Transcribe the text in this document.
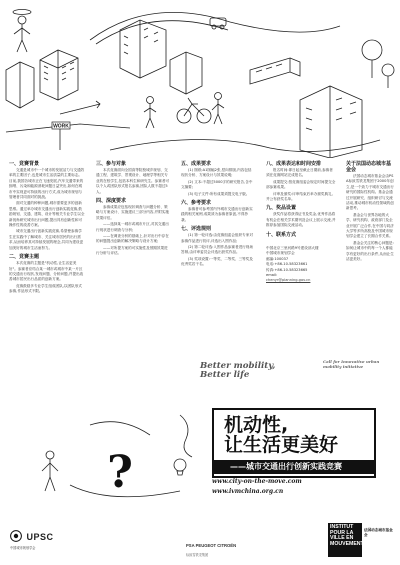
WORK
一、竞赛背景

交通是城市中一个城市的发展活力与交通效率的主要因子,也是城市生活质量的主要标志。目前,我国各城市正在飞速发展,汽车交通带来的拥堵、污染和能源消耗问题日益突出,如何在城市中实现更可持续的出行方式,成为城市规划与管理者共同面对的挑战。

面对交通的种种问题,城市需要更多的创新思维。通过举办城市交通出行创新实践竞赛,鼓励规划、交通、建筑、设计等相关专业学生以全新视角研究城市出行问题,提出具有创新性和可操作性的改善方案。

城市交通出行创新实践竞赛,希望使参赛学生在实践中了解城市、关注城市居民的出行需求,从而培养其可持续发展的理念,共同为建设更加美好的城市生活而努力。

二、竞赛主题

本次竞赛的主题是"机动性,让生活更美好"。参赛者应结合某一城市或城市中某一片区的交通出行现状,发现问题、分析问题,并提出改善城市居民出行品质的创新方案。

竞赛鼓励多专业学生组成团队,以团队形式参赛,作品形式不限。

三、参与对象

本次竞赛面向全国高等院校城乡规划、交通工程、建筑学、景观设计、地理学等相关专业的在校学生,包括本科生和研究生。参赛者可以个人或团队形式报名参赛,团队人数不超过5人。

四、深度要求

参赛成果应包括现状调查与问题分析、策略与方案设计、实施建议三部分内容,并附实施效果评估。

——选择某一城市或城市片区,对其交通出行现状进行调查与分析;

——在调查分析的基础上,针对出行中存在的问题提出创新的解决策略与设计方案;

——对所提方案的可实施性及预期效果进行分析与评估。

五、成果要求

(1) 图纸:A1图幅2张,竖向排版,内容包括现状分析、方案设计与效果说明;

(2) 文本:不超过5000字的研究报告,含中文摘要;

(3) 电子文件:所有成果须提交电子版。

六、参考要求

参赛者可参考国内外城市交通出行创新实践的相关案例,成果须为参赛者原创,不得抄袭。

七、评选规则

(1) 第一轮评选:由竞赛组委会组织专家对参赛作品进行初评,评选出入围作品;

(2) 第二轮评选:入围作品参赛者进行现场答辩,由评审委员会评选出获奖作品。

(3) 奖项设置:一等奖、二等奖、三等奖及优秀奖若干名。

八、成果表达和时间安排

报名时间:即日起至截止日期前,参赛者须在竞赛网站完成报名。

成果提交:按竞赛组委会规定时间提交全部参赛成果。

评审及颁奖:评审结束后举办颁奖典礼,并公布获奖名单。

九、奖品设置

获奖作品将获得证书及奖金,优秀作品将有机会在相关学术期刊及会议上展示交流,并推荐参加国际交流活动。

十、联系方式
中国北京三里河路9号建设部大楼
中国城市规划学会
邮编:100037
电话:+86-10-58323661
传真:+86-10-58323665
email:
chenyr@planning.gov.cn
关于法国动态城市基金会

法国动态城市基金会由PSA标致雪铁龙集团于2000年创立,是一个致力于城市交通出行研究的国际性机构。基金会通过开展研究、组织研讨与交流活动,推动城市机动性领域的创新思考。

基金会与世界各地的大学、研究机构、政府部门及企业开展广泛合作,在中国与同济大学等多所高校及中国城市规划学会建立了长期合作关系。

基金会关注的核心问题是:如何让城市中的每一个人都能享有更好的出行条件,从而让生活更美好。

?
Better mobility,
Better life
Call for Innovative urban mobility initiative
机动性,
让生活更美好
——城市交通出行创新实践竞赛
www.city-on-the-move.com
www.ivmchina.org.cn
UPSC
中国城市规划学会	PSA PEUGEOT CITROËN
标致雪铁龙集团
INSTITUT POUR LA VILLE EN MOUVEMENT
法国动态城市基金会
